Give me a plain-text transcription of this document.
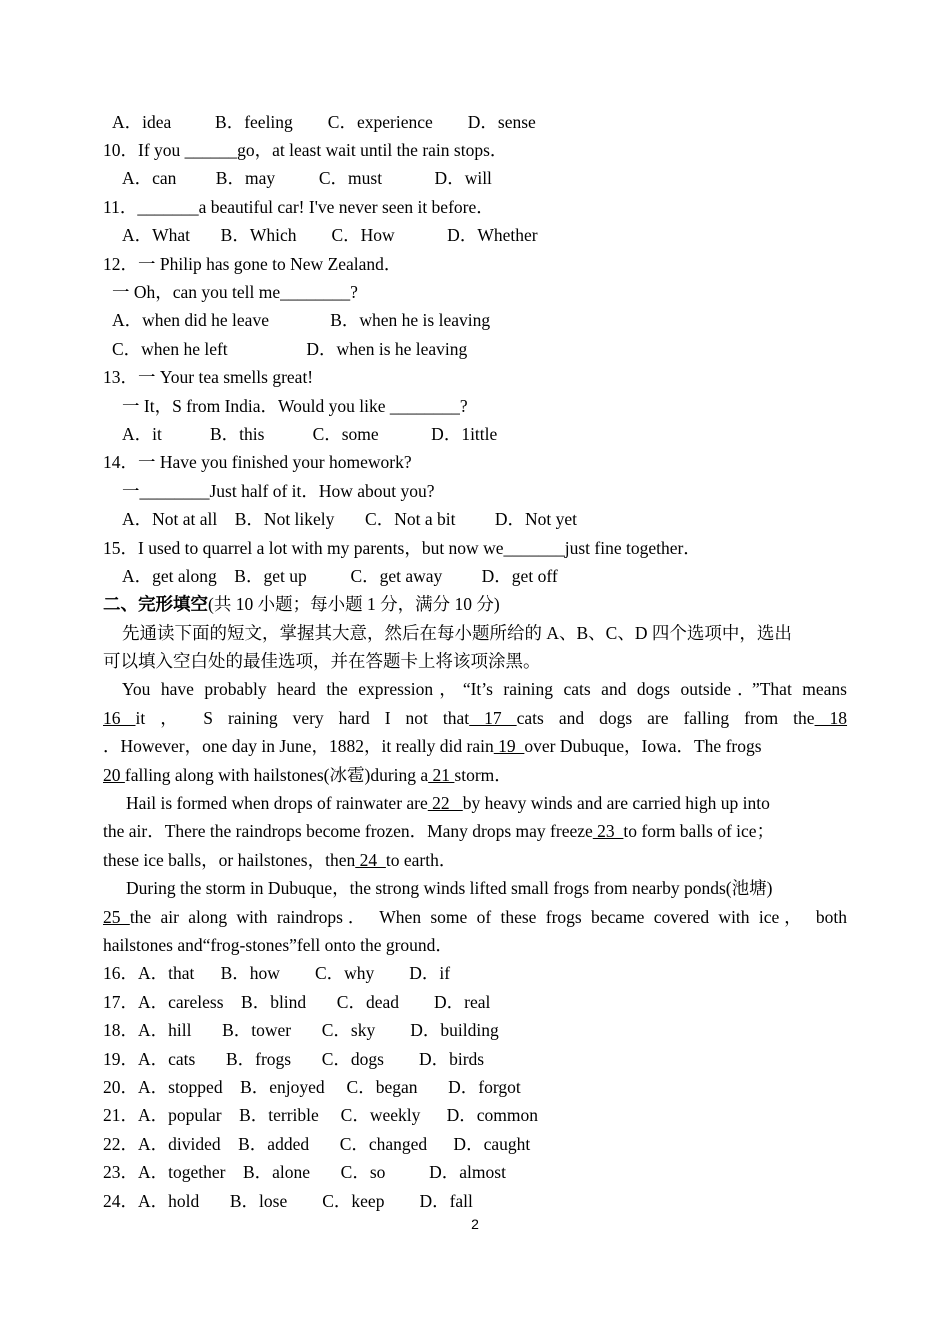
A．idea          B．feeling        C．experience        D．sense
10．If you ______go，at least wait until the rain stops．
A．can         B．may          C．must            D．will
11．_______a beautiful car! I've never seen it before．
A．What       B．Which        C．How            D．Whether
12．一 Philip has gone to New Zealand．
一 Oh，can you tell me________?
A．when did he leave              B．when he is leaving
C．when he left                  D．when is he leaving
13．一 Your tea smells great!
一 It，S from India．Would you like ________?
A．it           B．this           C．some            D．1ittle
14．一 Have you finished your homework?
一________Just half of it．How about you?
A．Not at all    B．Not likely       C．Not a bit         D．Not yet
15．I used to quarrel a lot with my parents，but now we_______just fine together．
A．get along    B．get up          C．get away         D．get off
二、完形填空(共 10 小题；每小题 1 分，满分 10 分)
先通读下面的短文，掌握其大意，然后在每小题所给的 A、B、C、D 四个选项中，选出
可以填入空白处的最佳选项，并在答题卡上将该项涂黑。
You have probably heard the expression，“It’s raining cats and dogs outside．”That means
16 it ， S raining very hard I not that 17 cats and dogs are falling from the 18
．However，one day in June，1882，it really did rain 19  over Dubuque，Iowa．The frogs
20 falling along with hailstones(冰雹)during a 21 storm．
Hail is formed when drops of rainwater are 22   by heavy winds and are carried high up into
the air．There the raindrops become frozen．Many drops may freeze 23  to form balls of ice；
these ice balls，or hailstones，then 24  to earth．
During the storm in Dubuque，the strong winds lifted small frogs from nearby ponds(池塘)
25 the air along with raindrops． When some of these frogs became covered with ice， both
hailstones and“frog-stones”fell onto the ground．
16．A．that      B．how        C．why        D．if
17．A．careless    B．blind       C．dead        D．real
18．A．hill       B．tower       C．sky        D．building
19．A．cats       B．frogs       C．dogs        D．birds
20．A．stopped    B．enjoyed     C．began       D．forgot
21．A．popular    B．terrible     C．weekly      D．common
22．A．divided    B．added       C．changed      D．caught
23．A．together    B．alone       C．so          D．almost
24．A．hold       B．lose        C．keep        D．fall
2
